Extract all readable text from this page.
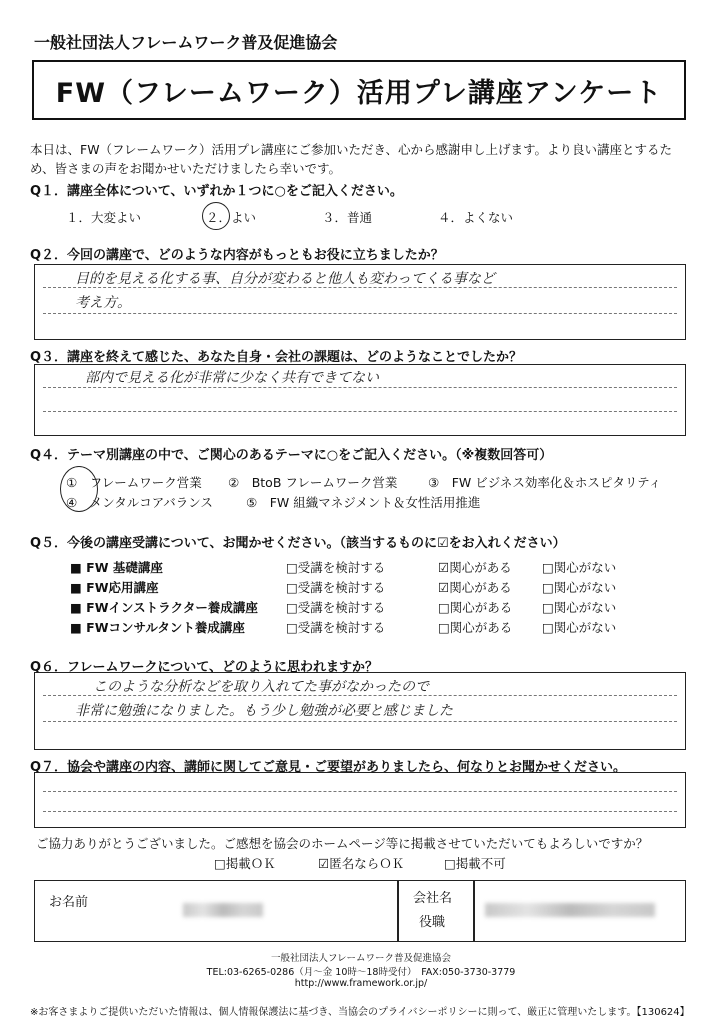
一般社団法人フレームワーク普及促進協会
FW（フレームワーク）活用プレ講座アンケート
本日は、FW（フレームワーク）活用プレ講座にご参加いただき、心から感謝申し上げます。より良い講座とするた
め、皆さまの声をお聞かせいただけましたら幸いです。
Q１．講座全体について、いずれか１つに○をご記入ください。
１．大変よい	２．よい	３．普通	４．よくない
Q２．今回の講座で、どのような内容がもっともお役に立ちましたか？
目的を見える化する事、自分が変わると他人も変わってくる事など
考え方。
Q３．講座を終えて感じた、あなた自身・会社の課題は、どのようなことでしたか？
部内で見える化が非常に少なく共有できてない
Q４．テーマ別講座の中で、ご関心のあるテーマに○をご記入ください。（※複数回答可）
①　フレームワーク営業 ②　BtoB フレームワーク営業 ③　FW ビジネス効率化＆ホスピタリティ
④　メンタルコアバランス	⑤　FW 組織マネジメント＆女性活用推進
Q５．今後の講座受講について、お聞かせください。（該当するものに☑をお入れください）
■ FW 基礎講座	□受講を検討する	☑関心がある □関心がない
■ FW応用講座	□受講を検討する	☑関心がある □関心がない
■ FWインストラクター養成講座 □受講を検討する	□関心がある □関心がない
■ FWコンサルタント養成講座	□受講を検討する	□関心がある □関心がない
Q６．フレームワークについて、どのように思われますか？
このような分析などを取り入れてた事がなかったので
非常に勉強になりました。もう少し勉強が必要と感じました
Q７．協会や講座の内容、講師に関してご意見・ご要望がありましたら、何なりとお聞かせください。
ご協力ありがとうございました。ご感想を協会のホームページ等に掲載させていただいてもよろしいですか？
□掲載ＯＫ	☑匿名ならＯＫ	□掲載不可
お名前	会社名
役職
一般社団法人フレームワーク普及促進協会
TEL:03-6265-0286（月～金 10時～18時受付）　FAX:050-3730-3779
http://www.framework.or.jp/
※お客さまよりご提供いただいた情報は、個人情報保護法に基づき、当協会のプライバシーポリシーに則って、厳正に管理いたします。【130624】
